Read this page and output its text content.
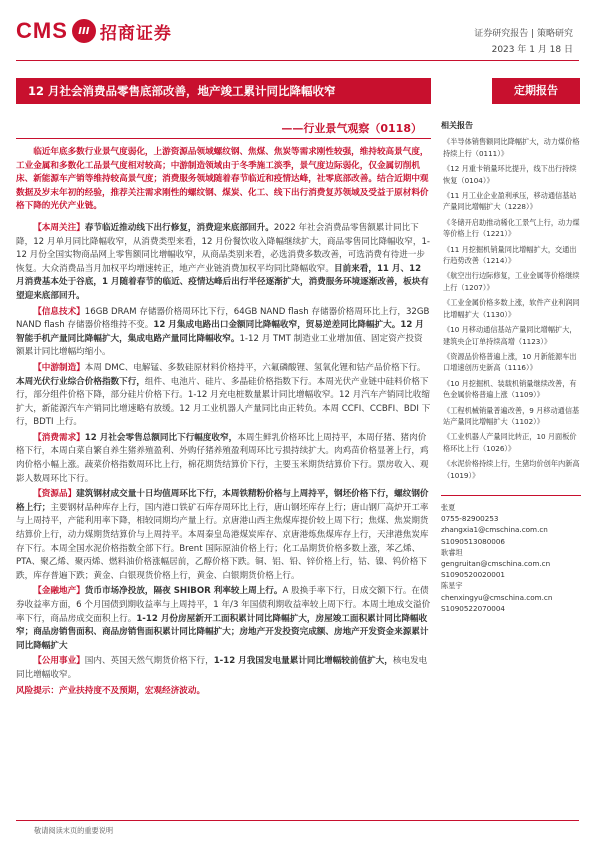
CMS	III 招商证券	证券研究报告 | 策略研究
2023 年 1 月 18 日
12 月社会消费品零售底部改善，地产竣工累计同比降幅收窄	定期报告
——行业景气观察（0118）

临近年底多数行业景气度弱化，上游资源品领域螺纹钢、焦煤、焦炭等需求刚性较强，维持较高景气度，工业金属和多数化工品景气度相对较高；中游制造领域由于冬季施工淡季，景气度边际弱化，仅金属切削机床、新能源车产销等维持较高景气度；消费服务领域随着春节临近和疫情达峰，社零底部改善。结合近期中观数据及岁末年初的经验，推荐关注需求刚性的螺纹钢、煤炭、化工、线下出行消费复苏领域及受益于原材料价格下降的光伏产业链。

【本周关注】春节临近推动线下出行修复，消费迎来底部回升。2022 年社会消费品零售额累计同比下降，12 月单月同比降幅收窄，从消费类型来看，12 月份餐饮收入降幅继续扩大，商品零售同比降幅收窄，1-12 月份全国实物商品网上零售额同比增幅收窄，从商品类别来看，必选消费多数改善，可选消费有待进一步恢复。大众消费品当月加权平均增速转正，地产产业链消费加权平均同比降幅收窄。目前来看，11 月、12 月消费基本处于谷底，1 月随着春节的临近、疫情达峰后出行半径逐渐扩大，消费服务环境逐渐改善，板块有望迎来底部回升。

【信息技术】16GB DRAM 存储器价格周环比下行，64GB NAND flash 存储器价格周环比上行，32GB NAND flash 存储器价格维持不变。12 月集成电路出口金额同比降幅收窄，贸易逆差同比降幅扩大。12 月智能手机产量同比降幅扩大，集成电路产量同比降幅收窄。1-12 月 TMT 制造业工业增加值、固定资产投资额累计同比增幅均缩小。

【中游制造】本周 DMC、电解锰、多数硅原材料价格持平，六氟磷酸锂、氢氧化锂和钴产品价格下行。本周光伏行业综合价格指数下行，组件、电池片、硅片、多晶硅价格指数下行。本周光伏产业链中硅料价格下行，部分组件价格下降，部分硅片价格下行。1-12 月充电桩数量累计同比增幅收窄。12 月汽车产销同比收缩扩大，新能源汽车产销同比增速略有放缓。12 月工业机器人产量同比由正转负。本周 CCFI、CCBFI、BDI 下行，BDTI 上行。

【消费需求】12 月社会零售总额同比下行幅度收窄，本周生鲜乳价格环比上周持平，本周仔猪、猪肉价格下行，本周白菜自繁自养生猪养殖盈利、外购仔猪养殖盈利周环比亏损持续扩大。肉鸡苗价格显著上行，鸡肉价格小幅上涨。蔬菜价格指数周环比上行，棉花期货结算价下行，主要玉米期货结算价下行。票房收入、观影人数周环比下行。

【资源品】建筑钢材成交量十日均值周环比下行，本周铁精粉价格与上周持平，钢坯价格下行，螺纹钢价格上行；主要钢材品种库存上行，国内港口铁矿石库存周环比上行，唐山钢坯库存上行；唐山钢厂高炉开工率与上周持平，产能利用率下降，相较同期均产量上行。京唐港山西主焦煤库提价较上周下行；焦煤、焦炭期货结算价上行，动力煤期货结算价与上周持平。本周秦皇岛港煤炭库存、京唐港炼焦煤库存上行，天津港焦炭库存下行。本周全国水泥价格指数全部下行。Brent 国际原油价格上行；化工品期货价格多数上涨，苯乙烯、PTA、聚乙烯、聚丙烯、燃料油价格涨幅居前，乙醇价格下跌。铜、铝、铅、锌价格上行，钴、镍、钨价格下跌，库存普遍下跌；黄金、白银现货价格上行，黄金、白银期货价格上行。

【金融地产】货币市场净投放，隔夜 SHIBOR 利率较上周上行。A 股换手率下行，日成交额下行。在债券收益率方面，6 个月国债到期收益率与上周持平，1 年/3 年国债利期收益率较上周下行。本周土地成交溢价率下行，商品房成交面积上行。1-12 月份房屋新开工面积累计同比降幅扩大，房屋竣工面积累计同比降幅收窄；商品房销售面积、商品房销售面积累计同比降幅扩大；房地产开发投资完成额、房地产开发资金来源累计同比降幅扩大

【公用事业】国内、英国天然气期货价格下行，1-12 月我国发电量累计同比增幅较前值扩大，核电发电同比增幅收窄。

风险提示：产业扶持度不及预期，宏观经济波动。

相关报告
《半导体销售额同比降幅扩大，动力煤价格持续上行（0111）》
《12 月重卡销量环比提升，线下出行持续恢复（0104）》
《11 月工业企业盈利承压，移动通信基站产量同比增幅扩大（1228）》
《冬储开启助推动稀化工景气上行，动力煤等价格上行（1221）》
《11 月挖掘机销量同比增幅扩大，交通出行趋势改善（1214）》
《航空出行边际修复，工业金属等价格继续上行（1207）》
《工业金属价格多数上涨，软件产业利润同比增幅扩大（1130）》
《10 月移动通信基站产量同比增幅扩大，建筑央企订单持续高增（1123）》
《资源品价格普遍上涨，10 月新能源车出口增速创历史新高（1116）》
《10 月挖掘机、装载机销量继续改善，有色金属价格普遍上涨（1109）》
《工程机械销量普遍改善，9 月移动通信基站产量同比增幅扩大（1102）》
《工业机器人产量同比转正，10 月面板价格环比上行（1026）》
《水泥价格持续上行，生猪均价创年内新高（1019）》
张夏
0755-82900253
zhangxia1@cmschina.com.cn
S1090513080006
耿睿坦
gengruitan@cmschina.com.cn
S1090520020001
陈星宇
chenxingyu@cmschina.com.cn
S1090522070004
敬请阅读末页的重要说明
